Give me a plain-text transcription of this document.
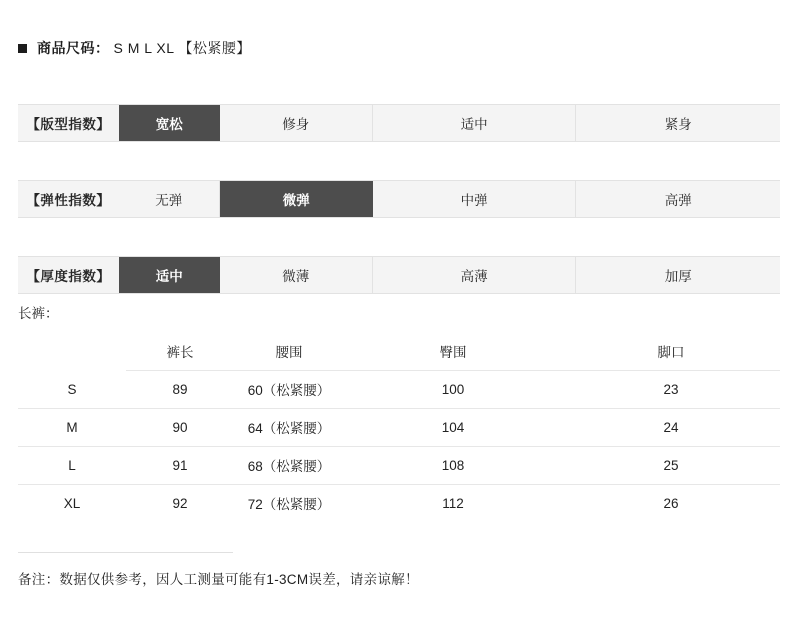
商品尺码： S M L XL 【松紧腰】
【版型指数】	宽松	修身	适中	紧身
【弹性指数】	无弹	微弹	中弹	高弹
【厚度指数】	适中	微薄	高薄	加厚
长裤：
	裤长	腰围	臀围	脚口
S	89	60（松紧腰）	100	23
M	90	64（松紧腰）	104	24
L	91	68（松紧腰）	108	25
XL	92	72（松紧腰）	112	26
备注：数据仅供参考，因人工测量可能有1-3CM误差，请亲谅解！
